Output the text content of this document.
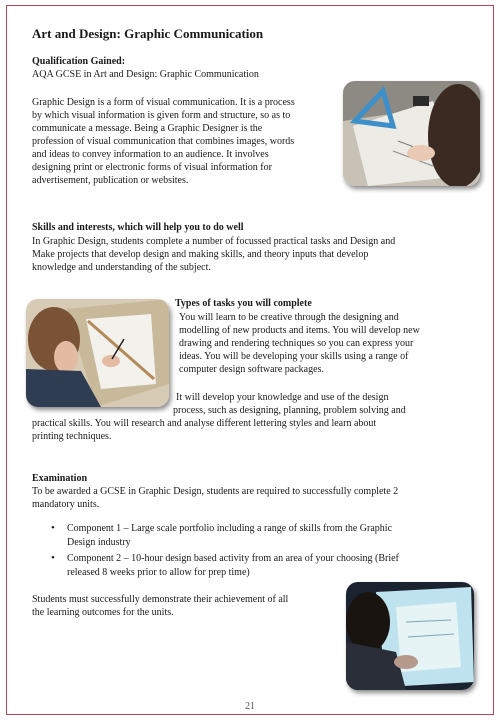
Art and Design: Graphic Communication

Qualification Gained:

AQA GCSE in Art and Design: Graphic Communication

Graphic Design is a form of visual communication. It is a process

by which visual information is given form and structure, so as to

communicate a message. Being a Graphic Designer is the

profession of visual communication that combines images, words

and ideas to convey information to an audience. It involves

designing print or electronic forms of visual information for

advertisement, publication or websites.

Skills and interests, which will help you to do well

In Graphic Design, students complete a number of focussed practical tasks and Design and

Make projects that develop design and making skills, and theory inputs that develop

knowledge and understanding of the subject.

Types of tasks you will complete

You will learn to be creative through the designing and

modelling of new products and items. You will develop new

drawing and rendering techniques so you can express your

ideas. You will be developing your skills using a range of

computer design software packages.

It will develop your knowledge and use of the design

process, such as designing, planning, problem solving and

practical skills. You will research and analyse different lettering styles and learn about

printing techniques.

Examination

To be awarded a GCSE in Graphic Design, students are required to successfully complete 2

mandatory units.

• Component 1 – Large scale portfolio including a range of skills from the Graphic
Design industry
• Component 2 – 10-hour design based activity from an area of your choosing (Brief
released 8 weeks prior to allow for prep time)

Students must successfully demonstrate their achievement of all

the learning outcomes for the units.

21
